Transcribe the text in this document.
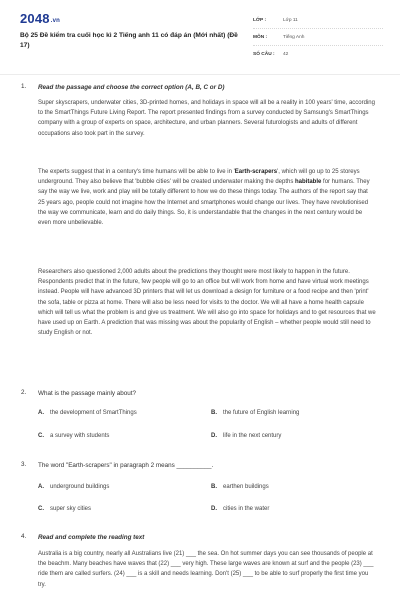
2048.vn
Bộ 25 Đề kiểm tra cuối học kì 2 Tiếng anh 11 có đáp án (Mới nhất) (Đề 17)
LỚP :	Lớp 11
MÔN :	Tiếng Anh
SỐ CÂU :	42
1. Read the passage and choose the correct option (A, B, C or D)
Super skyscrapers, underwater cities, 3D-printed homes, and holidays in space will all be a reality in 100 years' time, according to the SmartThings Future Living Report. The report presented findings from a survey conducted by Samsung's SmartThings company with a group of experts on space, architecture, and urban planners. Several futurologists and adults of different occupations also took part in the survey.
The experts suggest that in a century's time humans will be able to live in 'Earth-scrapers', which will go up to 25 storeys underground. They also believe that 'bubble cities' will be created underwater making the depths habitable for humans. They say the way we live, work and play will be totally different to how we do these things today. The authors of the report say that 25 years ago, people could not imagine how the Internet and smartphones would change our lives. They have revolutionised the way we communicate, learn and do daily things. So, it is understandable that the changes in the next century would be even more unbelievable.
Researchers also questioned 2,000 adults about the predictions they thought were most likely to happen in the future. Respondents predict that in the future, few people will go to an office but will work from home and have virtual work meetings instead. People will have advanced 3D printers that will let us download a design for furniture or a food recipe and then 'print' the sofa, table or pizza at home. There will also be less need for visits to the doctor. We will all have a home health capsule which will tell us what the problem is and give us treatment. We will also go into space for holidays and to get resources that we have used up on Earth. A prediction that was missing was about the popularity of English – whether people would still need to study English or not.
2. What is the passage mainly about?
A. the development of SmartThings	B. the future of English learning
C. a survey with students	D. life in the next century
3. The word "Earth-scrapers" in paragraph 2 means __________.
A. underground buildings	B. earthen buildings
C. super sky cities	D. cities in the water
4. Read and complete the reading text
Australia is a big country, nearly all Australians live (21) ___ the sea. On hot summer days you can see thousands of people at the beachm. Many beaches have waves that (22) ___ very high. These large waves are known at surf and the people (23) ___ ride them are called surfers. (24) ___ is a skill and needs learning. Don't (25) ___ to be able to surf properly the first time you try.
